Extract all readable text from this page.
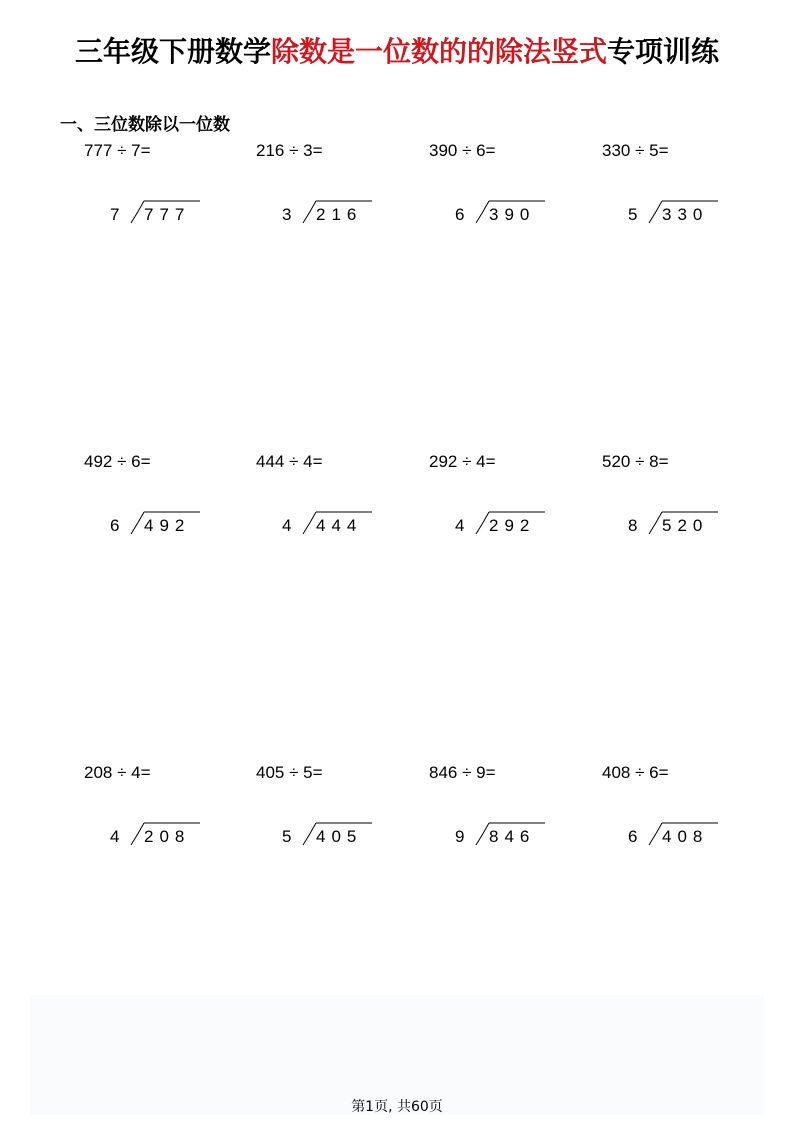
三年级下册数学除数是一位数的的除法竖式专项训练
一、三位数除以一位数
777 ÷ 7=
7 777
216 ÷ 3=
3 216
390 ÷ 6=
6 390
330 ÷ 5=
5 330
492 ÷ 6=
6 492
444 ÷ 4=
4 444
292 ÷ 4=
4 292
520 ÷ 8=
8 520
208 ÷ 4=
4 208
405 ÷ 5=
5 405
846 ÷ 9=
9 846
408 ÷ 6=
6 408
第1页, 共60页
